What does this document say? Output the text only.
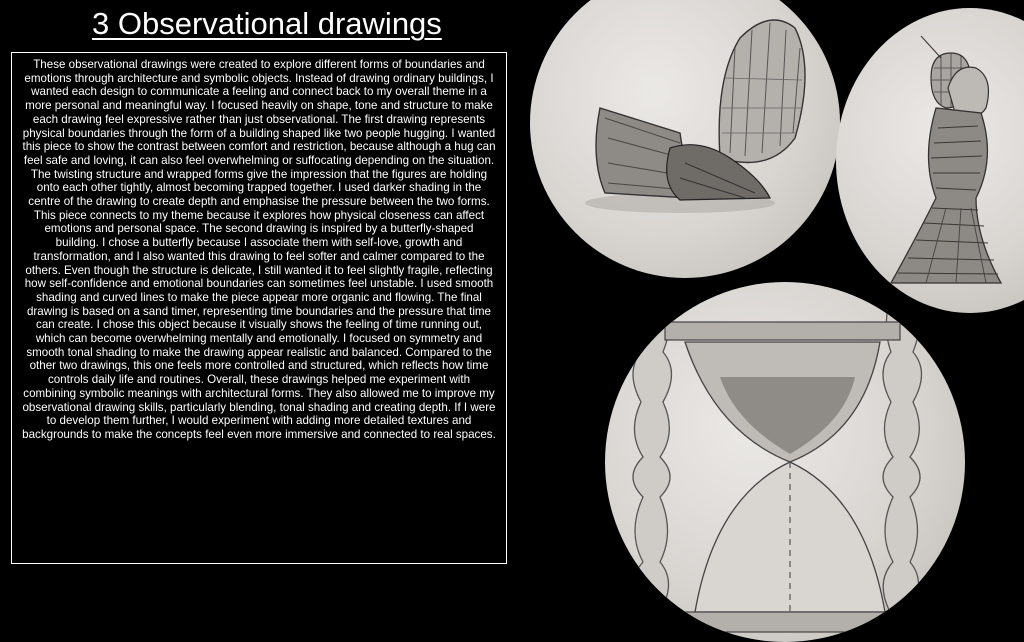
3 Observational drawings
These observational drawings were created to explore different forms of boundaries and emotions through architecture and symbolic objects. Instead of drawing ordinary buildings, I wanted each design to communicate a feeling and connect back to my overall theme in a more personal and meaningful way. I focused heavily on shape, tone and structure to make each drawing feel expressive rather than just observational. The first drawing represents physical boundaries through the form of a building shaped like two people hugging. I wanted this piece to show the contrast between comfort and restriction, because although a hug can feel safe and loving, it can also feel overwhelming or suffocating depending on the situation. The twisting structure and wrapped forms give the impression that the figures are holding onto each other tightly, almost becoming trapped together. I used darker shading in the centre of the drawing to create depth and emphasise the pressure between the two forms. This piece connects to my theme because it explores how physical closeness can affect emotions and personal space. The second drawing is inspired by a butterfly-shaped building. I chose a butterfly because I associate them with self-love, growth and transformation, and I also wanted this drawing to feel softer and calmer compared to the others. Even though the structure is delicate, I still wanted it to feel slightly fragile, reflecting how self-confidence and emotional boundaries can sometimes feel unstable. I used smooth shading and curved lines to make the piece appear more organic and flowing. The final drawing is based on a sand timer, representing time boundaries and the pressure that time can create. I chose this object because it visually shows the feeling of time running out, which can become overwhelming mentally and emotionally. I focused on symmetry and smooth tonal shading to make the drawing appear realistic and balanced. Compared to the other two drawings, this one feels more controlled and structured, which reflects how time controls daily life and routines. Overall, these drawings helped me experiment with combining symbolic meanings with architectural forms. They also allowed me to improve my observational drawing skills, particularly blending, tonal shading and creating depth. If I were to develop them further, I would experiment with adding more detailed textures and backgrounds to make the concepts feel even more immersive and connected to real spaces.
